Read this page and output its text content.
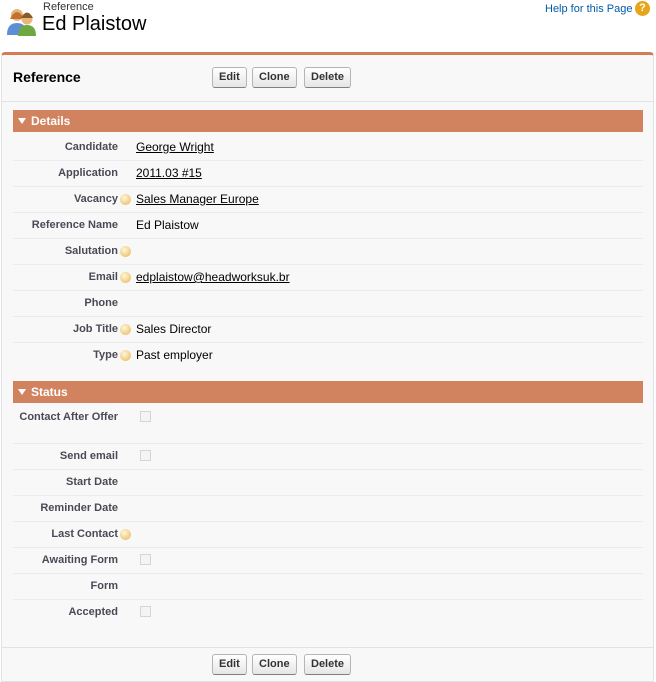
Reference
Ed Plaistow
Help for this Page ?
Reference	Edit	Clone	Delete
Details
Candidate George Wright
Application 2011.03 #15
Vacancy Sales Manager Europe
Reference Name Ed Plaistow
Salutation
Email edplaistow@headworksuk.br
Phone
Job Title Sales Director
Type Past employer
Status
Contact After Offer
Send email
Start Date
Reminder Date
Last Contact
Awaiting Form
Form
Accepted
Edit	Clone	Delete
